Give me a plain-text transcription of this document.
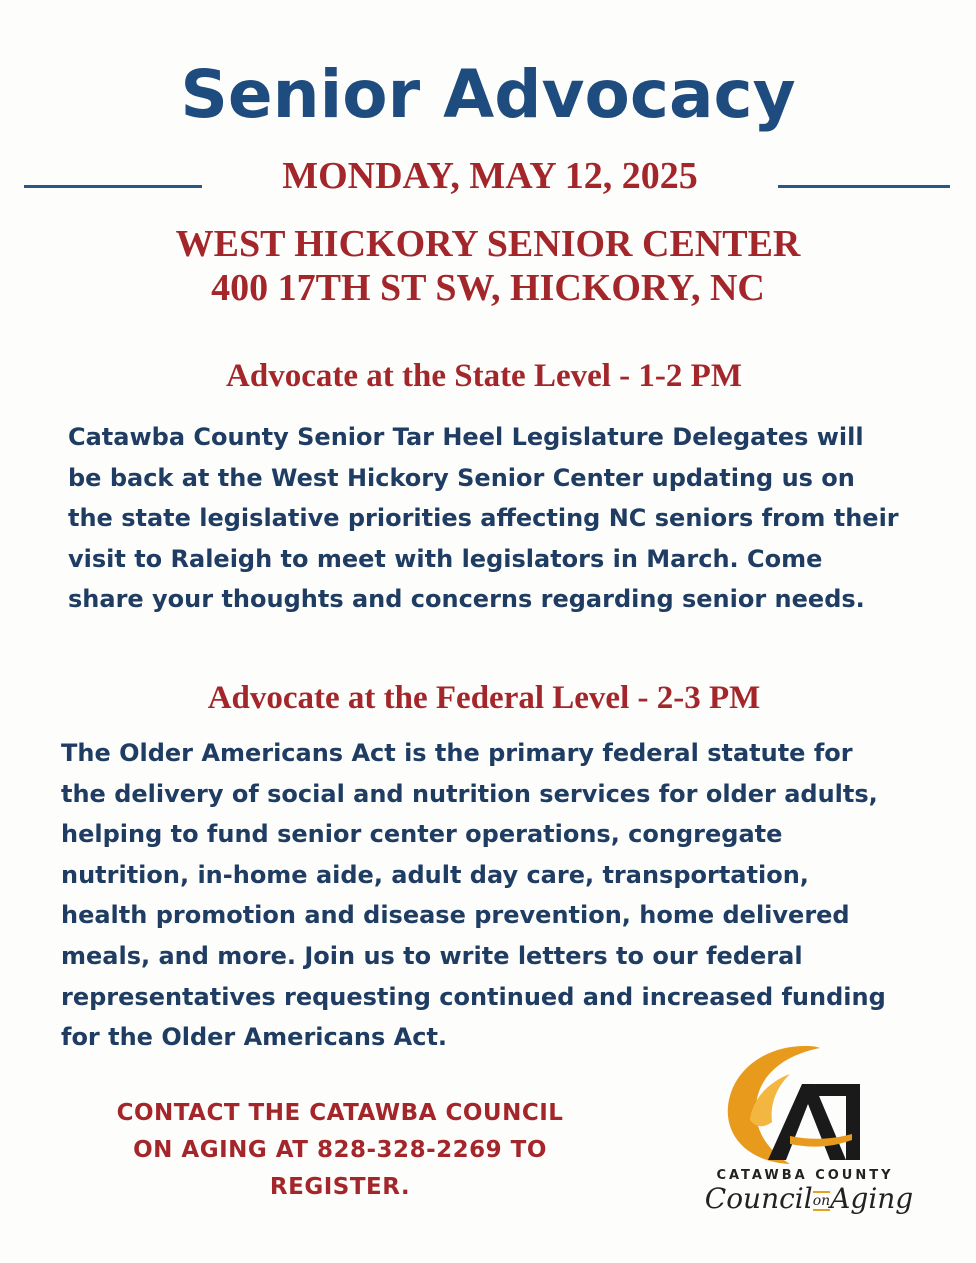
Senior Advocacy
MONDAY, MAY 12, 2025
WEST HICKORY SENIOR CENTER
400 17TH ST SW, HICKORY, NC
Advocate at the State Level - 1-2 PM

Catawba County Senior Tar Heel Legislature Delegates will
be back at the West Hickory Senior Center updating us on
the state legislative priorities affecting NC seniors from their
visit to Raleigh to meet with legislators in March. Come
share your thoughts and concerns regarding senior needs.

Advocate at the Federal Level - 2-3 PM

The Older Americans Act is the primary federal statute for
the delivery of social and nutrition services for older adults,
helping to fund senior center operations, congregate
nutrition, in-home aide, adult day care, transportation,
health promotion and disease prevention, home delivered
meals, and more. Join us to write letters to our federal
representatives requesting continued and increased funding
for the Older Americans Act.

CONTACT THE CATAWBA COUNCIL
ON AGING AT 828-328-2269 TO
REGISTER.	CATAWBA COUNTY
CouncilonAging
